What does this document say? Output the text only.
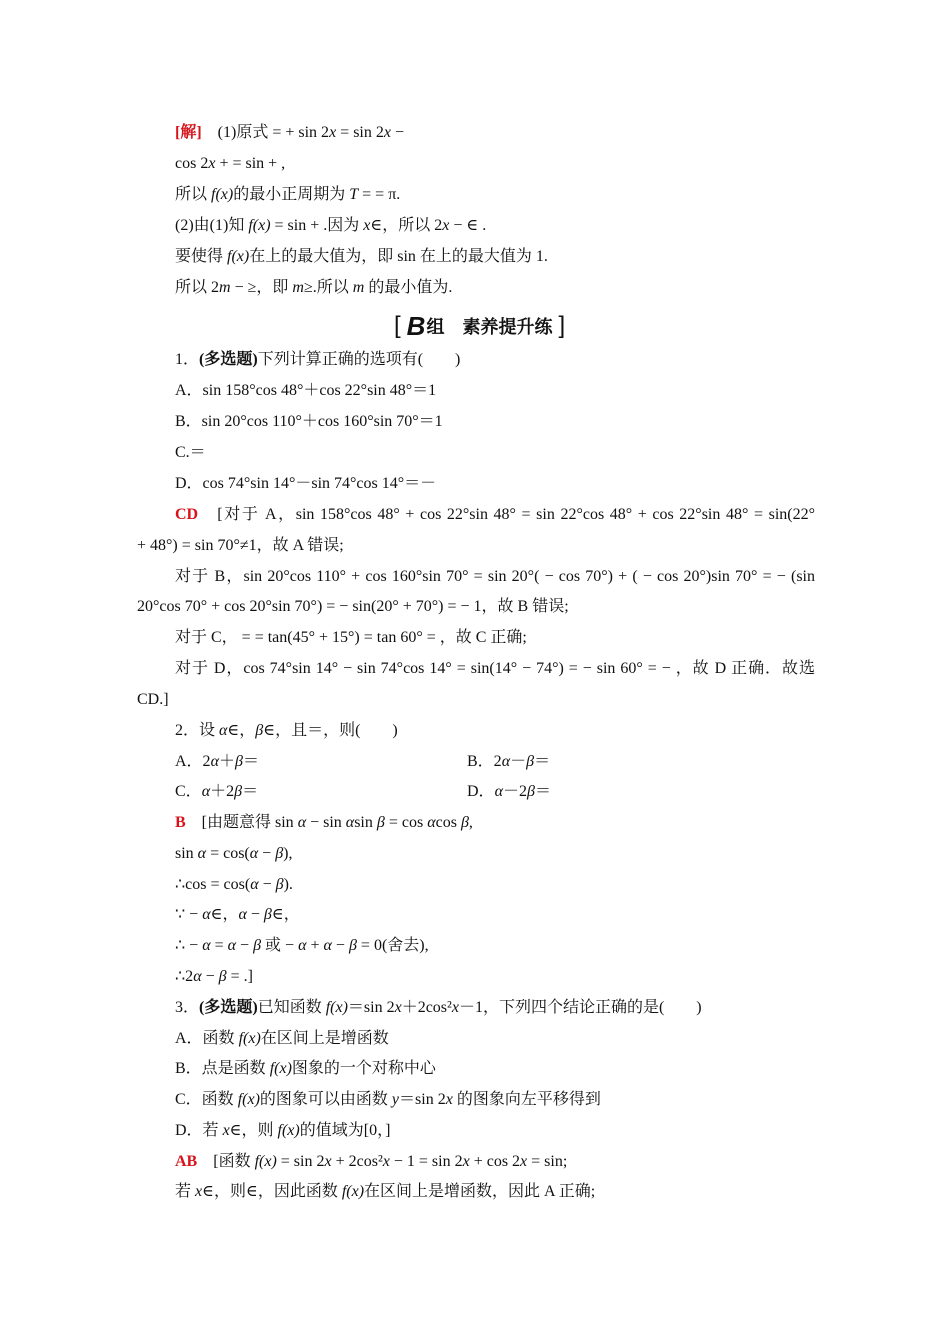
[解]　(1)原式 = + sin 2x = sin 2x −
cos 2x + = sin + ,
所以 f(x)的最小正周期为 T = = π.
(2)由(1)知 f(x) = sin + .因为 x∈，所以 2x − ∈ .
要使得 f(x)在上的最大值为，即 sin 在上的最大值为 1.
所以 2m − ≥，即 m≥.所以 m 的最小值为.
[ B 组 素养提升练 ]
1．(多选题)下列计算正确的选项有(　　)
A．sin 158°cos 48°＋cos 22°sin 48°＝1
B．sin 20°cos 110°＋cos 160°sin 70°＝1
C.＝
D．cos 74°sin 14°－sin 74°cos 14°＝－
CD　[对于 A，sin 158°cos 48° + cos 22°sin 48° = sin 22°cos 48° + cos 22°sin 48° = sin(22°
+ 48°) = sin 70°≠1，故 A 错误;
对于 B，sin 20°cos 110° + cos 160°sin 70° = sin 20°( − cos 70°) + ( − cos 20°)sin 70° = − (sin
20°cos 70° + cos 20°sin 70°) = − sin(20° + 70°) = − 1，故 B 错误;
对于 C， = = tan(45° + 15°) = tan 60° = ，故 C 正确;
对于 D，cos 74°sin 14° − sin 74°cos 14° = sin(14° − 74°) = − sin 60° = − ，故 D 正确．故选
CD.]
2．设 α∈，β∈，且＝，则(　　)
A．2α＋β＝	B．2α－β＝
C．α＋2β＝	D．α－2β＝
B　[由题意得 sin α − sin αsin β = cos αcos β,
sin α = cos(α − β),
∴cos = cos(α − β).
∵ − α∈，α − β∈，
∴ − α = α − β 或 − α + α − β = 0(舍去),
∴2α − β = .]
3．(多选题)已知函数 f(x)＝sin 2x＋2cos²x－1，下列四个结论正确的是(　　)
A．函数 f(x)在区间上是增函数
B．点是函数 f(x)图象的一个对称中心
C．函数 f(x)的图象可以由函数 y＝sin 2x 的图象向左平移得到
D．若 x∈，则 f(x)的值域为[0，]
AB　[函数 f(x) = sin 2x + 2cos²x − 1 = sin 2x + cos 2x = sin;
若 x∈，则∈，因此函数 f(x)在区间上是增函数，因此 A 正确;
